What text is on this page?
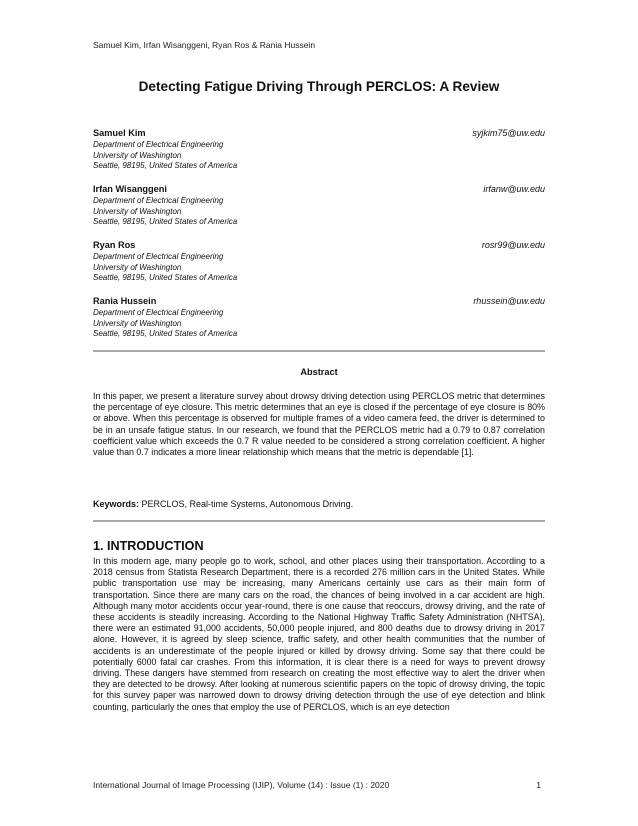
Samuel Kim, Irfan Wisanggeni, Ryan Ros & Rania Hussein
Detecting Fatigue Driving Through PERCLOS: A Review
Samuel Kim	syjkim75@uw.edu
Department of Electrical Engineering
University of Washington
Seattle, 98195, United States of America
Irfan Wisanggeni	irfanw@uw.edu
Department of Electrical Engineering
University of Washington
Seattle, 98195, United States of America
Ryan Ros	rosr99@uw.edu
Department of Electrical Engineering
University of Washington
Seattle, 98195, United States of America
Rania Hussein	rhussein@uw.edu
Department of Electrical Engineering
University of Washington
Seattle, 98195, United States of America
Abstract

In this paper, we present a literature survey about drowsy driving detection using PERCLOS metric that determines the percentage of eye closure. This metric determines that an eye is closed if the percentage of eye closure is 80% or above. When this percentage is observed for multiple frames of a video camera feed, the driver is determined to be in an unsafe fatigue status. In our research, we found that the PERCLOS metric had a 0.79 to 0.87 correlation coefficient value which exceeds the 0.7 R value needed to be considered a strong correlation coefficient. A higher value than 0.7 indicates a more linear relationship which means that the metric is dependable [1].

Keywords: PERCLOS, Real-time Systems, Autonomous Driving.
1. INTRODUCTION

In this modern age, many people go to work, school, and other places using their transportation. According to a 2018 census from Statista Research Department, there is a recorded 276 million cars in the United States. While public transportation use may be increasing, many Americans certainly use cars as their main form of transportation. Since there are many cars on the road, the chances of being involved in a car accident are high. Although many motor accidents occur year-round, there is one cause that reoccurs, drowsy driving, and the rate of these accidents is steadily increasing. According to the National Highway Traffic Safety Administration (NHTSA), there were an estimated 91,000 accidents, 50,000 people injured, and 800 deaths due to drowsy driving in 2017 alone. However, it is agreed by sleep science, traffic safety, and other health communities that the number of accidents is an underestimate of the people injured or killed by drowsy driving. Some say that there could be potentially 6000 fatal car crashes. From this information, it is clear there is a need for ways to prevent drowsy driving. These dangers have stemmed from research on creating the most effective way to alert the driver when they are detected to be drowsy. After looking at numerous scientific papers on the topic of drowsy driving, the topic for this survey paper was narrowed down to drowsy driving detection through the use of eye detection and blink counting, particularly the ones that employ the use of PERCLOS, which is an eye detection

International Journal of Image Processing (IJIP), Volume (14) : Issue (1) : 2020	1
